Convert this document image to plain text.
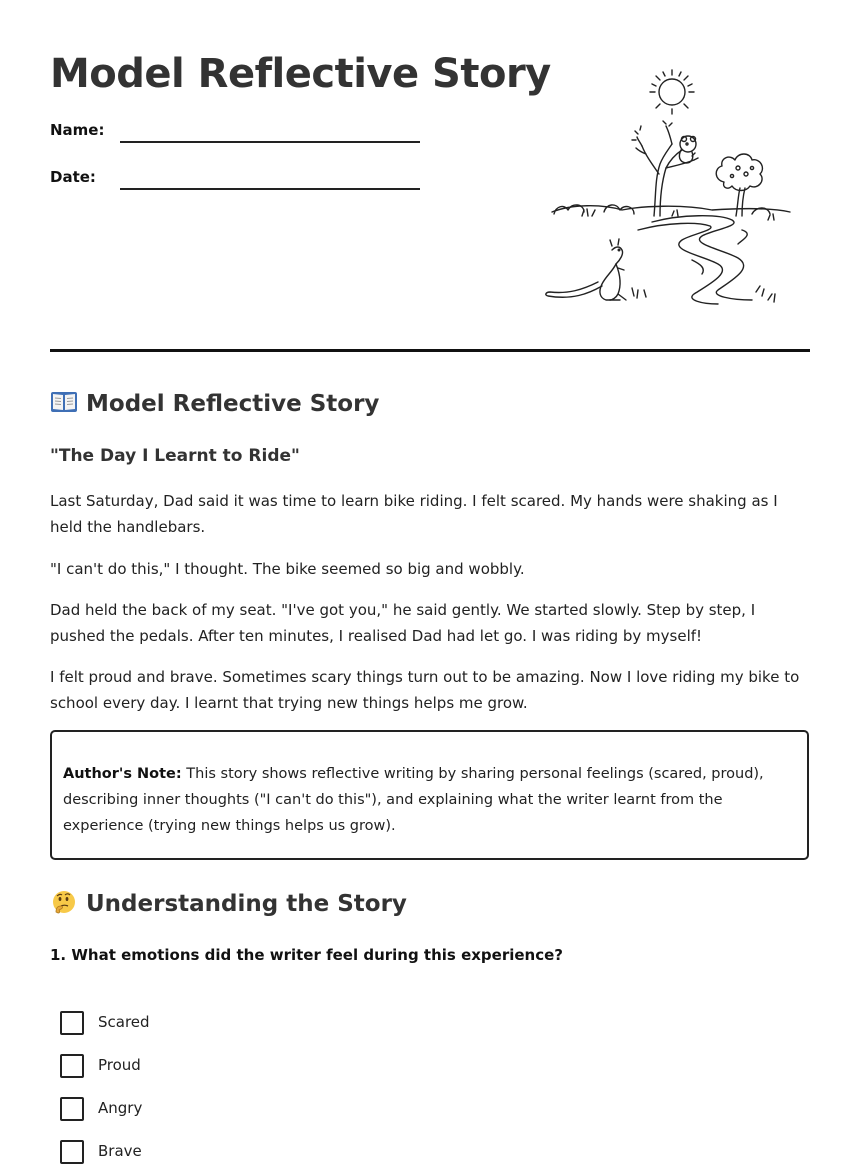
Model Reflective Story
Name:
Date:
Model Reflective Story

"The Day I Learnt to Ride"

Last Saturday, Dad said it was time to learn bike riding. I felt scared. My hands were shaking as I held the handlebars.

"I can't do this," I thought. The bike seemed so big and wobbly.

Dad held the back of my seat. "I've got you," he said gently. We started slowly. Step by step, I pushed the pedals. After ten minutes, I realised Dad had let go. I was riding by myself!

I felt proud and brave. Sometimes scary things turn out to be amazing. Now I love riding my bike to school every day. I learnt that trying new things helps me grow.

Author's Note: This story shows reflective writing by sharing personal feelings (scared, proud), describing inner thoughts ("I can't do this"), and explaining what the writer learnt from the experience (trying new things helps us grow).

Understanding the Story

1. What emotions did the writer feel during this experience?

Scared
Proud
Angry
Brave
